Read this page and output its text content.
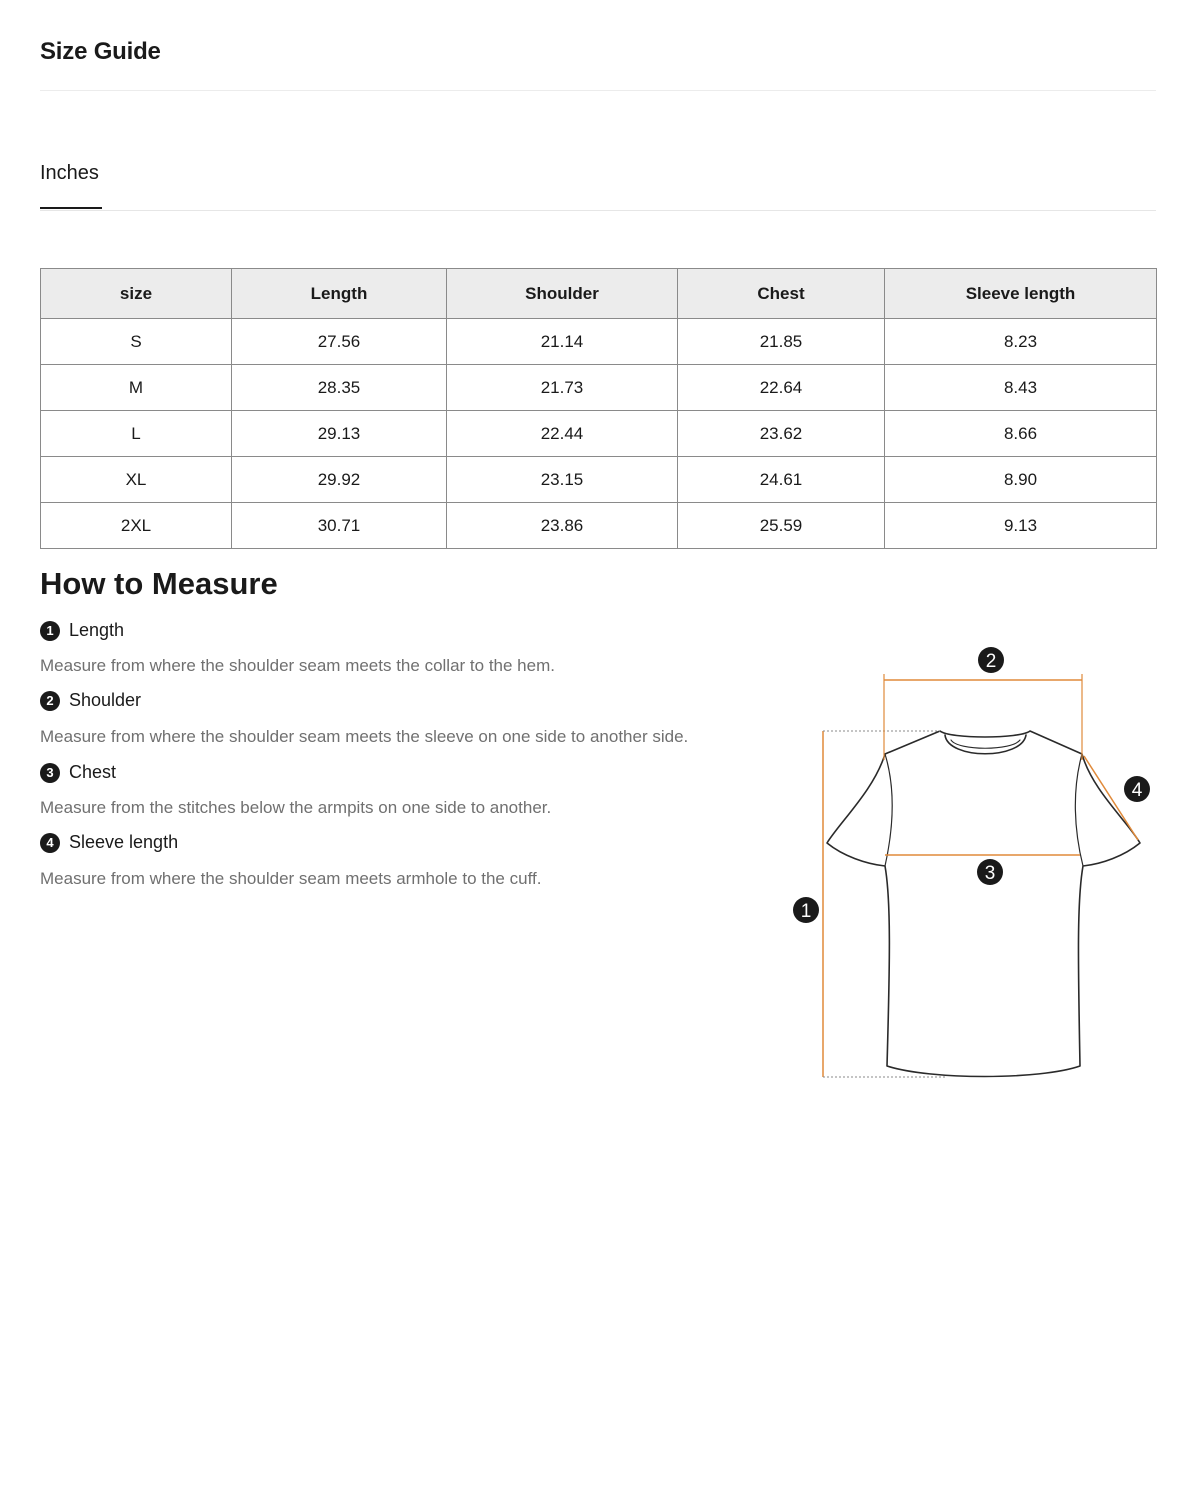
Size Guide
Inches
size	Length	Shoulder	Chest	Sleeve length
S	27.56	21.14	21.85	8.23
M	28.35	21.73	22.64	8.43
L	29.13	22.44	23.62	8.66
XL	29.92	23.15	24.61	8.90
2XL	30.71	23.86	25.59	9.13
How to Measure
1 Length
Measure from where the shoulder seam meets the collar to the hem.
2 Shoulder
Measure from where the shoulder seam meets the sleeve on one side to another side.
3 Chest
Measure from the stitches below the armpits on one side to another.
4 Sleeve length
Measure from where the shoulder seam meets armhole to the cuff.
1
2
3
4
